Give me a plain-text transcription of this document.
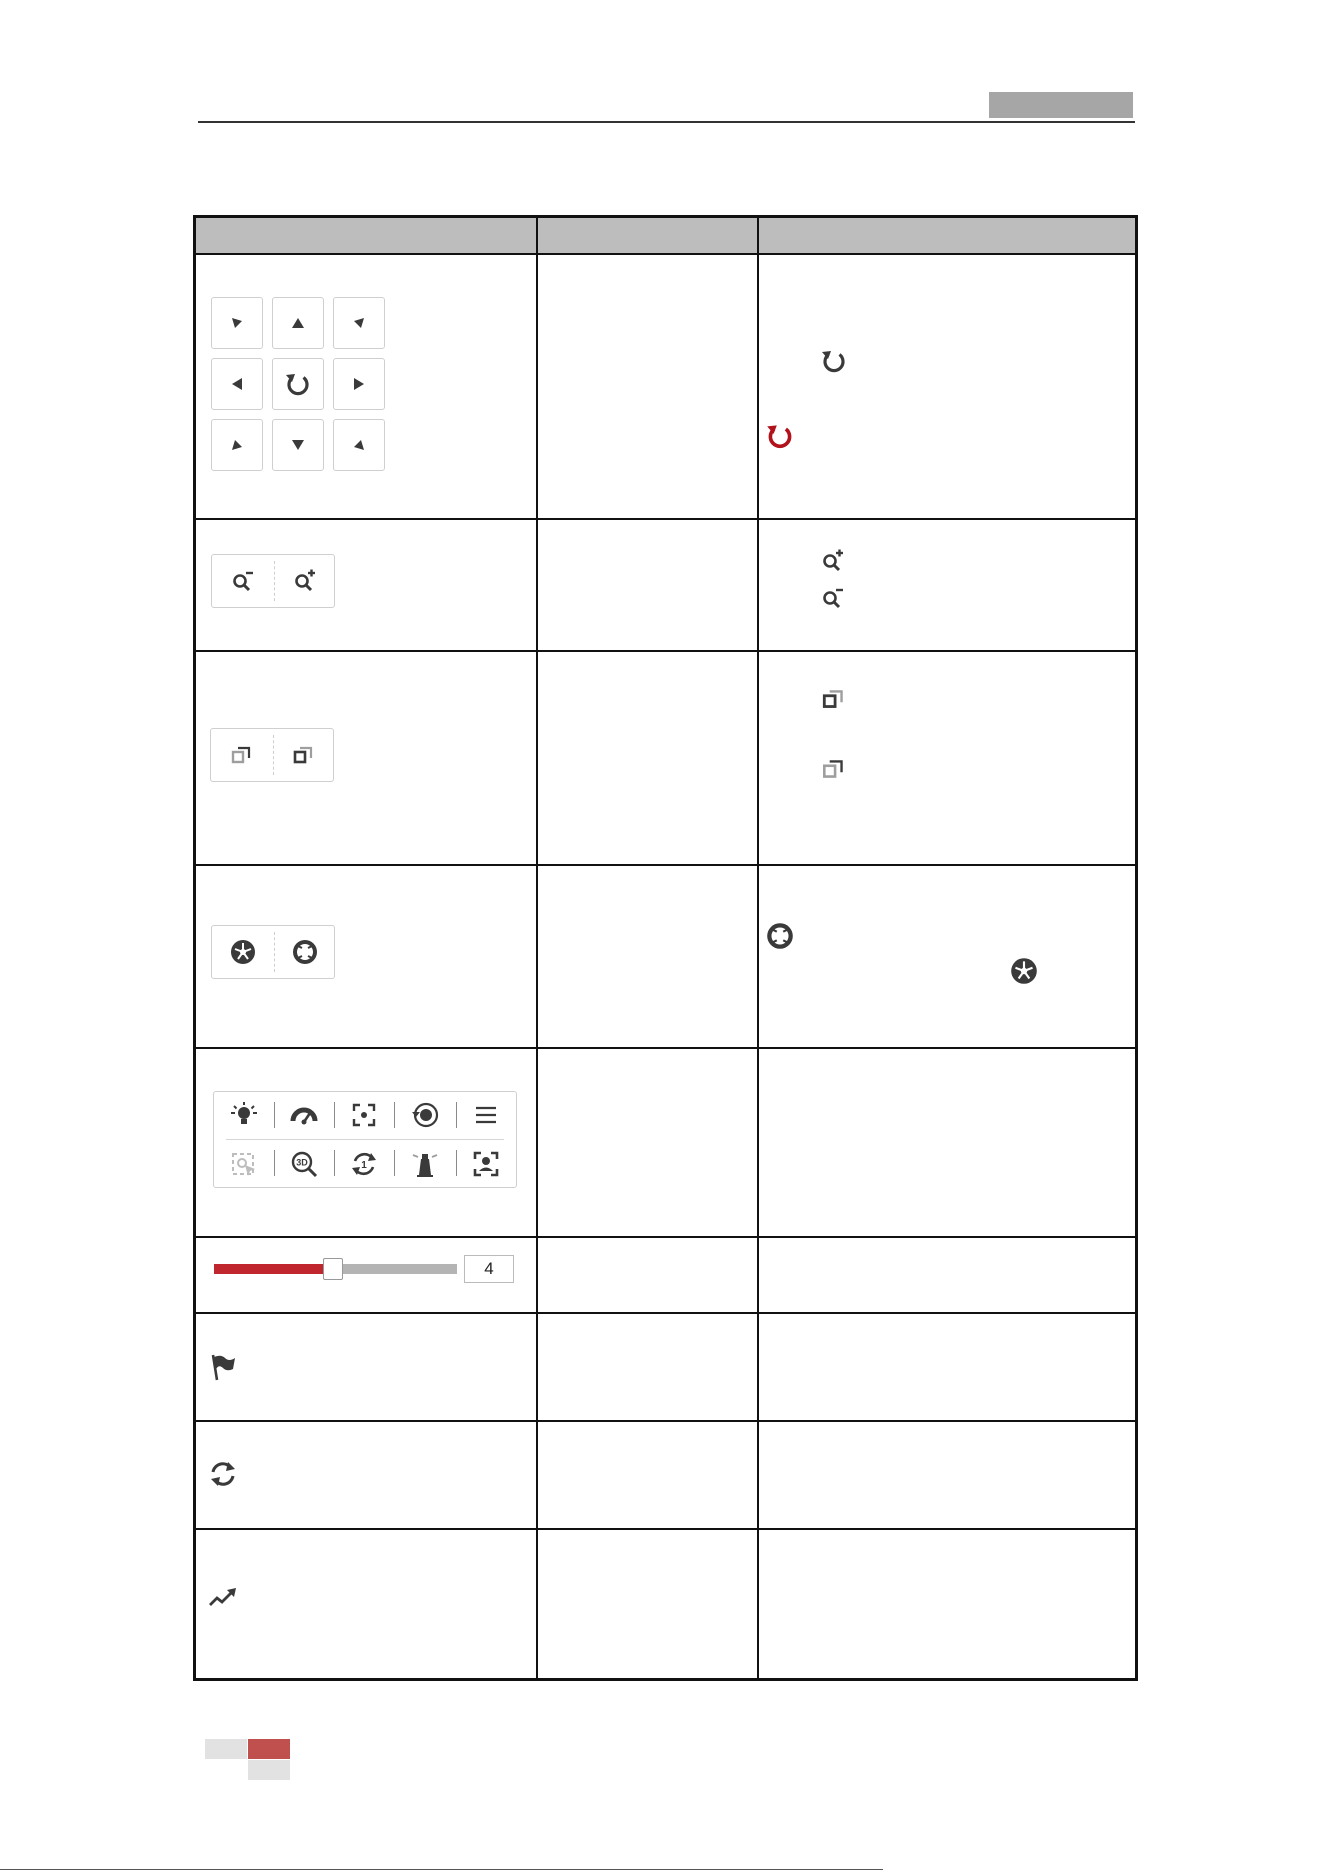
3D	1
4
